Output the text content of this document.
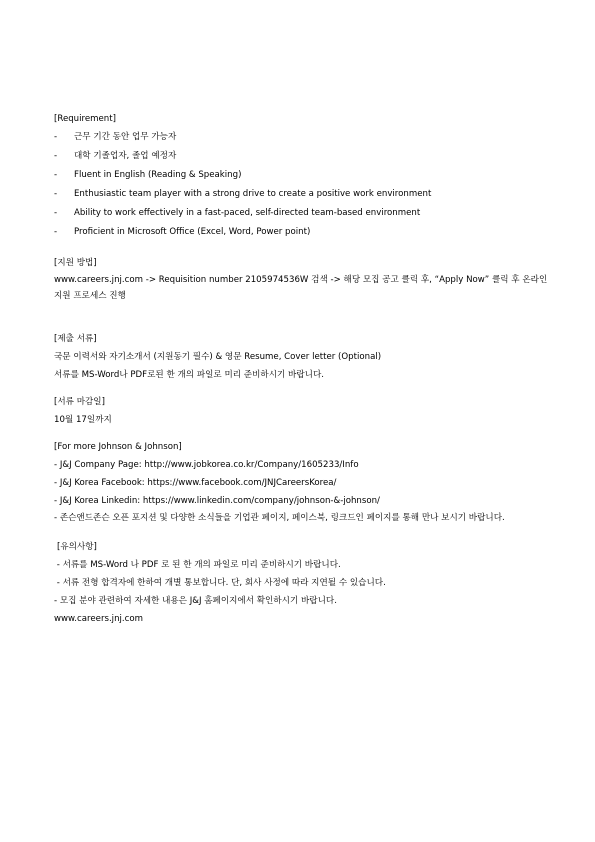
[Requirement]
-	근무 기간 동안 업무 가능자
-	대학 기졸업자, 졸업 예정자
-	Fluent in English (Reading & Speaking)
-	Enthusiastic team player with a strong drive to create a positive work environment
-	Ability to work effectively in a fast-paced, self-directed team-based environment
-	Proficient in Microsoft Office (Excel, Word, Power point)
[지원 방법]
www.careers.jnj.com -> Requisition number 2105974536W 검색 -> 해당 모집 공고 클릭 후, “Apply Now” 클릭 후 온라인 지원 프로세스 진행
[제출 서류]
국문 이력서와 자기소개서 (지원동기 필수) & 영문 Resume, Cover letter (Optional)
서류를 MS-Word나 PDF로된 한 개의 파일로 미리 준비하시기 바랍니다.
[서류 마감일]
10월 17일까지
[For more Johnson & Johnson]
- J&J Company Page: http://www.jobkorea.co.kr/Company/1605233/Info
- J&J Korea Facebook: https://www.facebook.com/JNJCareersKorea/
- J&J Korea Linkedin: https://www.linkedin.com/company/johnson-&-johnson/
- 존슨앤드존슨 오픈 포지션 및 다양한 소식들을 기업관 페이지, 페이스북, 링크드인 페이지를 통해 만나 보시기 바랍니다.
[유의사항]
- 서류를 MS-Word 나 PDF 로 된 한 개의 파일로 미리 준비하시기 바랍니다.
- 서류 전형 합격자에 한하여 개별 통보합니다. 단, 회사 사정에 따라 지연될 수 있습니다.
- 모집 분야 관련하여 자세한 내용은 J&J 홈페이지에서 확인하시기 바랍니다.
www.careers.jnj.com
